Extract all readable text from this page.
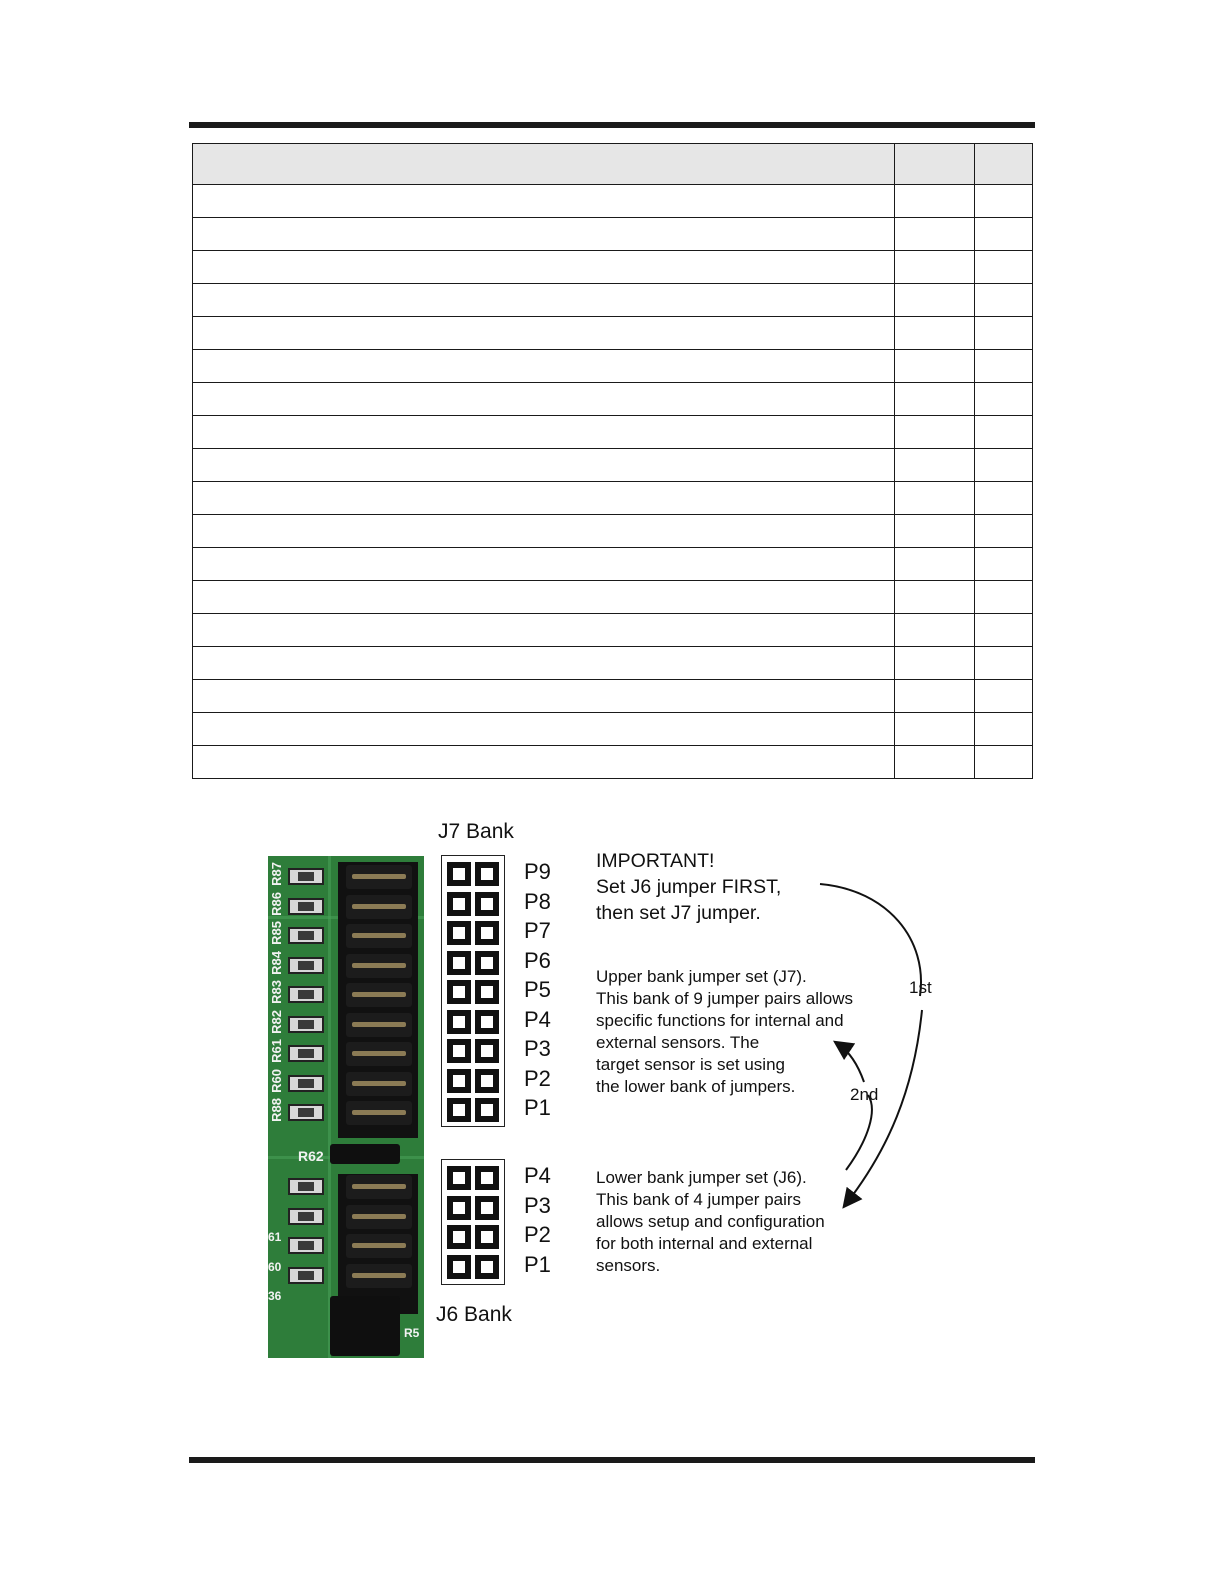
R62
R5
R87
R86
R85
R84
R83
R82
R61
R60
R88
61
60
36
J7 Bank
P9
P8
P7
P6
P5
P4
P3
P2
P1
P4
P3
P2
P1
J6 Bank
IMPORTANT!
Set J6 jumper FIRST,
then set J7 jumper.
Upper bank jumper set (J7).
This bank of 9 jumper pairs allows
specific functions for internal and
external sensors. The
target sensor is set using
the lower bank of jumpers.
Lower bank jumper set (J6).
This bank of 4 jumper pairs
allows setup and configuration
for both internal and external
sensors.
1st
2nd
